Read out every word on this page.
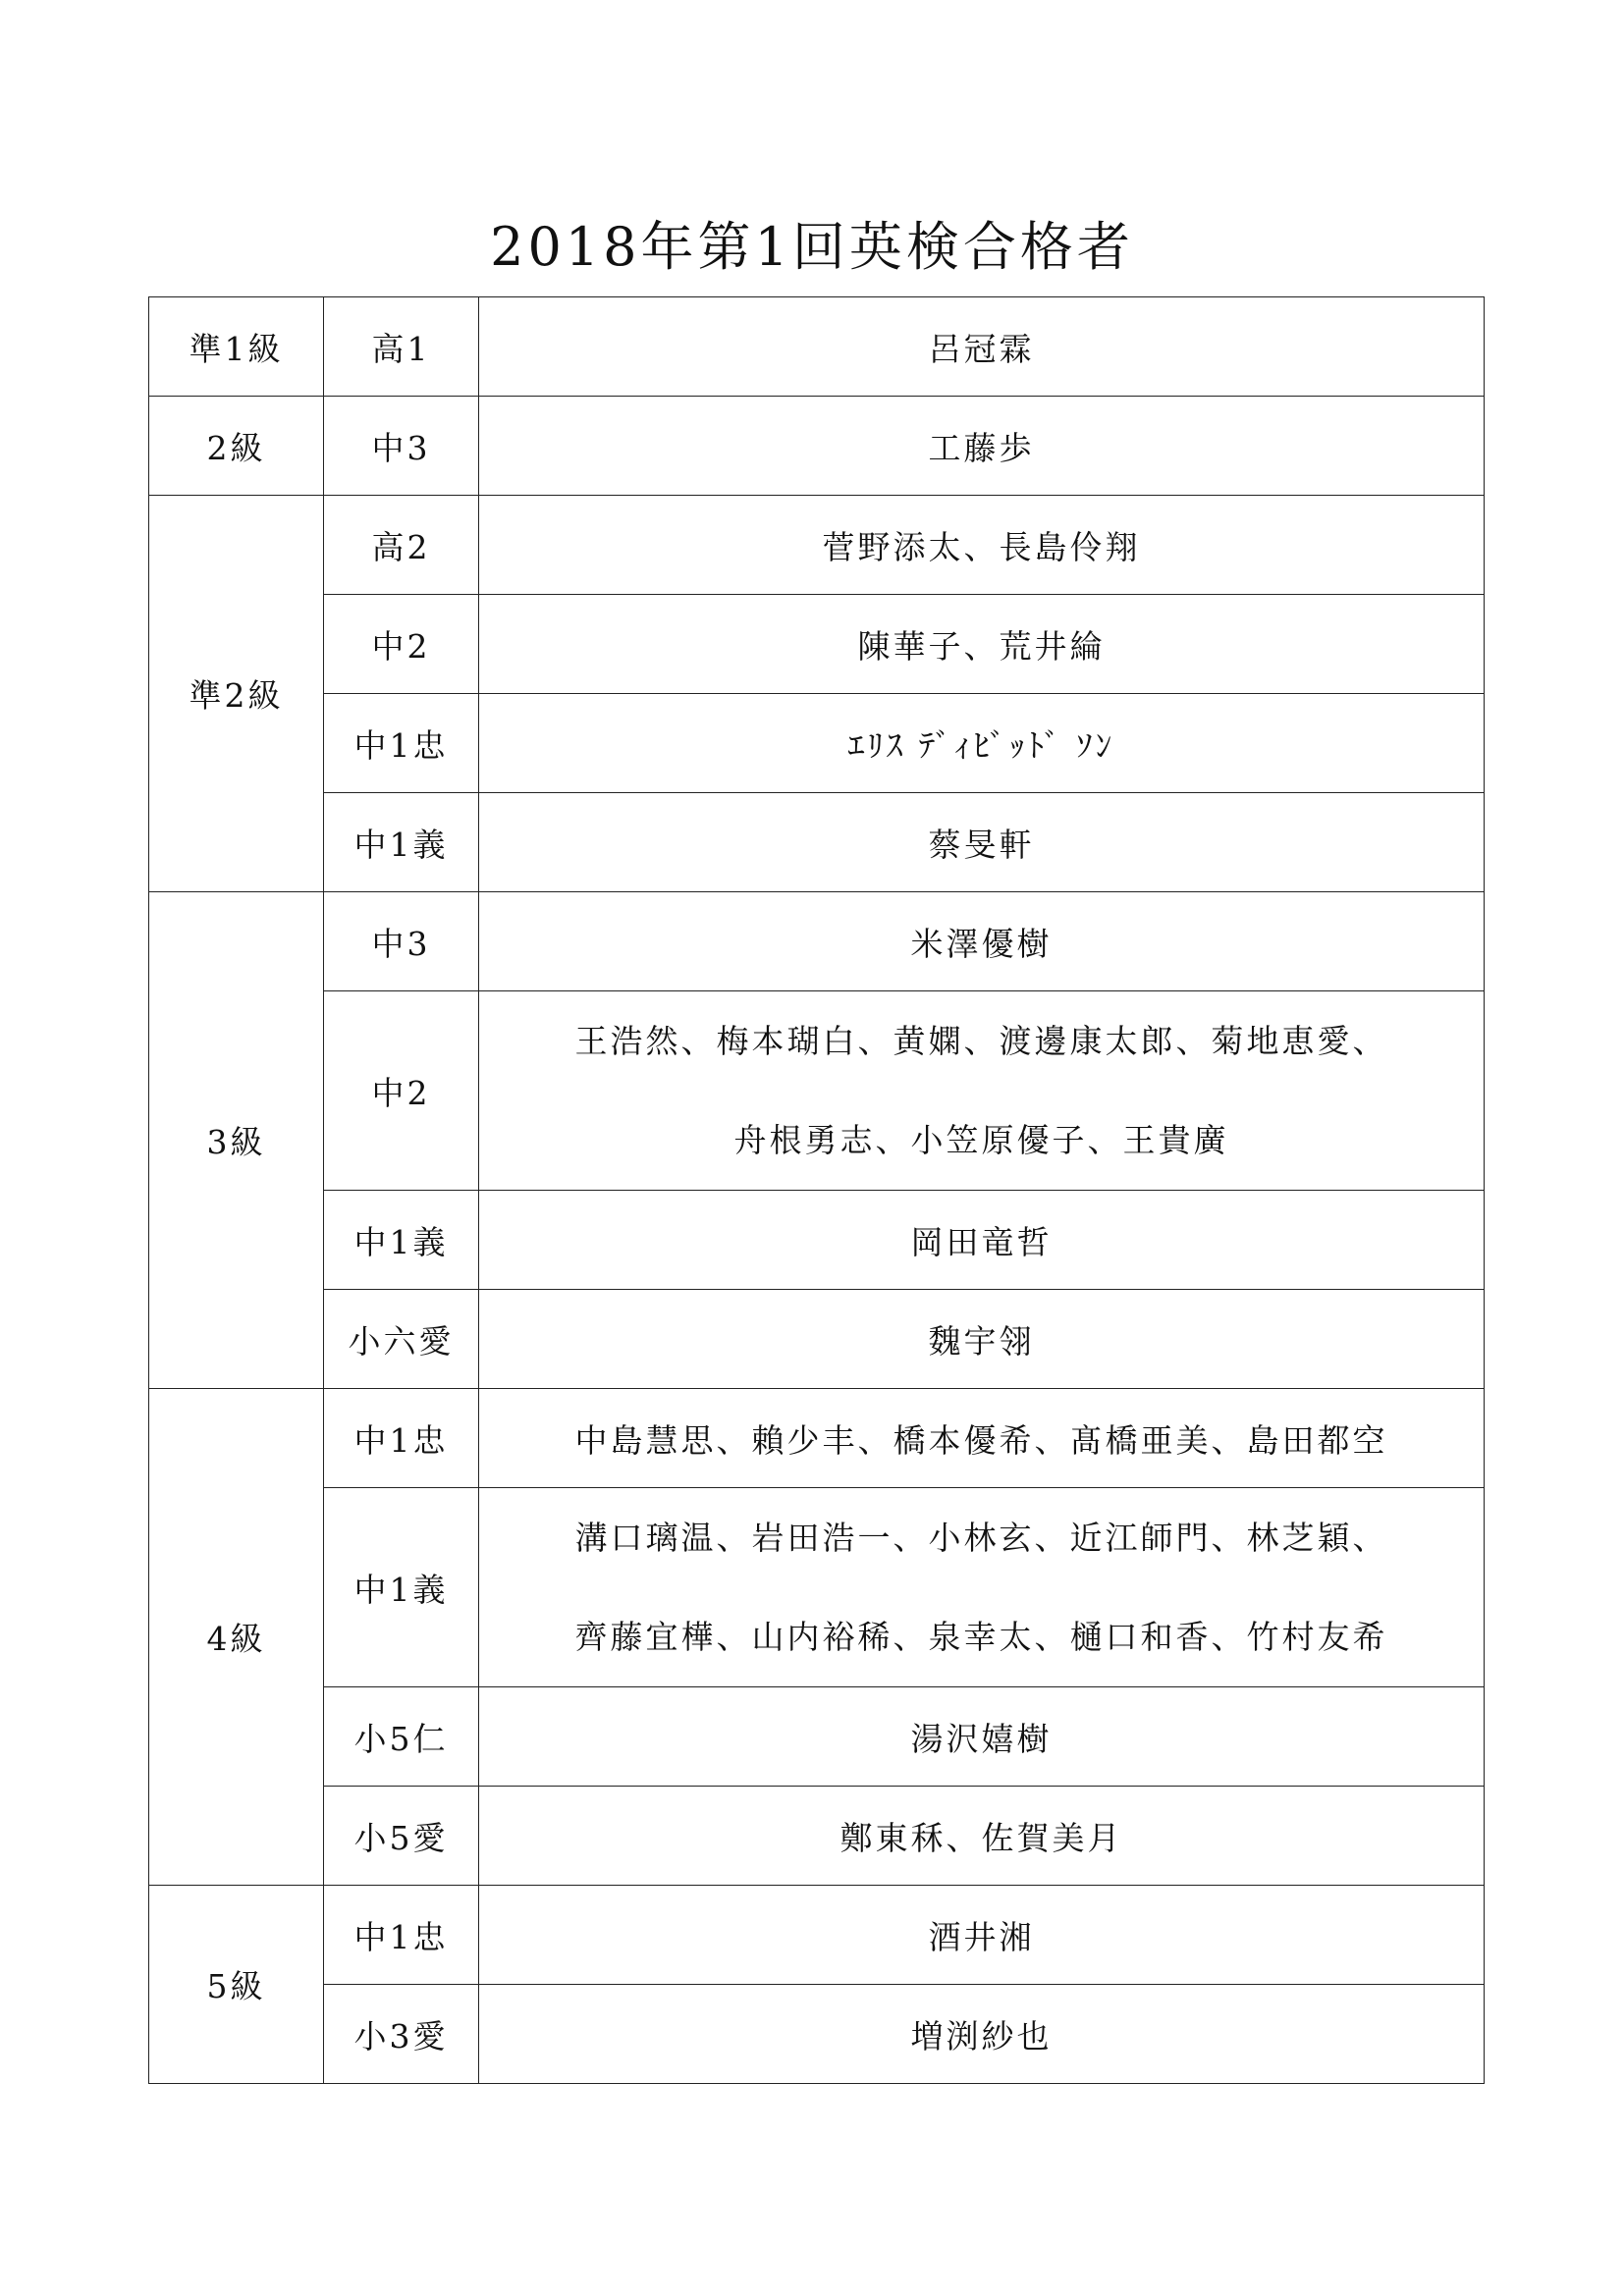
2018年第1回英検合格者
準1級	高1	呂冠霖
2級	中3	工藤歩
準2級	高2	菅野添太、長島伶翔
	中2	陳華子、荒井綸
	中1忠	ｴﾘｽ ﾃﾞｨﾋﾞｯﾄﾞ ｿﾝ
	中1義	蔡旻軒
3級	中3	米澤優樹
	中2	王浩然、梅本瑚白、黄嫻、渡邊康太郎、菊地恵愛、
舟根勇志、小笠原優子、王貴廣

	中1義	岡田竜哲
	小六愛	魏宇翎
4級	中1忠	中島慧思、賴少丰、橋本優希、髙橋亜美、島田都空
	中1義	溝口璃温、岩田浩一、小林玄、近江師門、林芝穎、
齊藤宜樺、山内裕稀、泉幸太、樋口和香、竹村友希

	小5仁	湯沢嬉樹
	小5愛	鄭東秝、佐賀美月
5級	中1忠	酒井湘
	小3愛	増渕紗也
